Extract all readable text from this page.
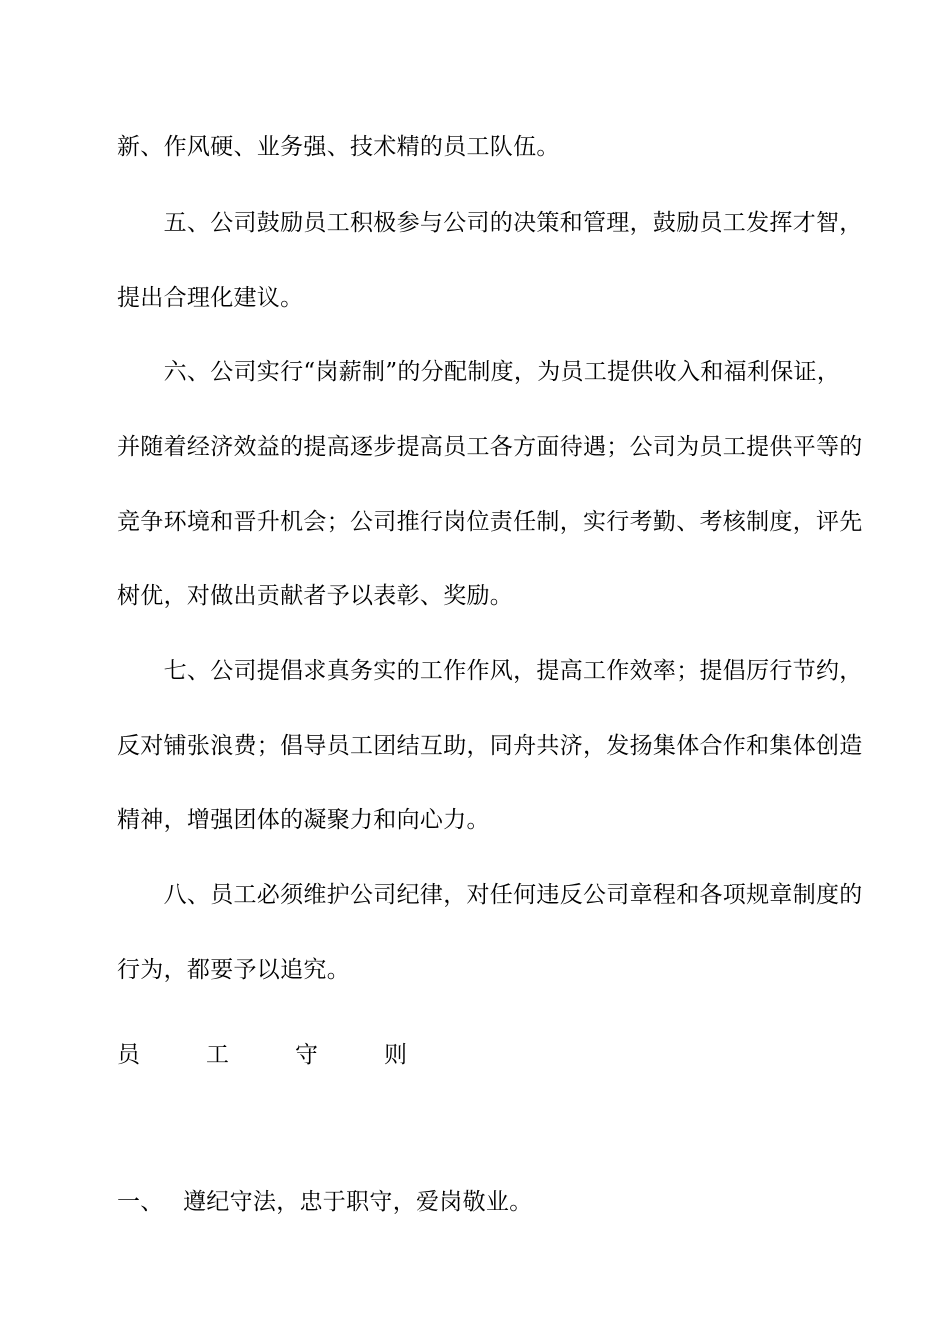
新、作风硬、业务强、技术精的员工队伍。
　　五、公司鼓励员工积极参与公司的决策和管理，鼓励员工发挥才智，
提出合理化建议。
　　六、公司实行“岗薪制”的分配制度，为员工提供收入和福利保证，
并随着经济效益的提高逐步提高员工各方面待遇；公司为员工提供平等的
竞争环境和晋升机会；公司推行岗位责任制，实行考勤、考核制度，评先
树优，对做出贡献者予以表彰、奖励。
　　七、公司提倡求真务实的工作作风，提高工作效率；提倡厉行节约，
反对铺张浪费；倡导员工团结互助，同舟共济，发扬集体合作和集体创造
精神，增强团体的凝聚力和向心力。
　　八、员工必须维护公司纪律，对任何违反公司章程和各项规章制度的
行为，都要予以追究。
员	工	守	则
一、 遵纪守法，忠于职守，爱岗敬业。
